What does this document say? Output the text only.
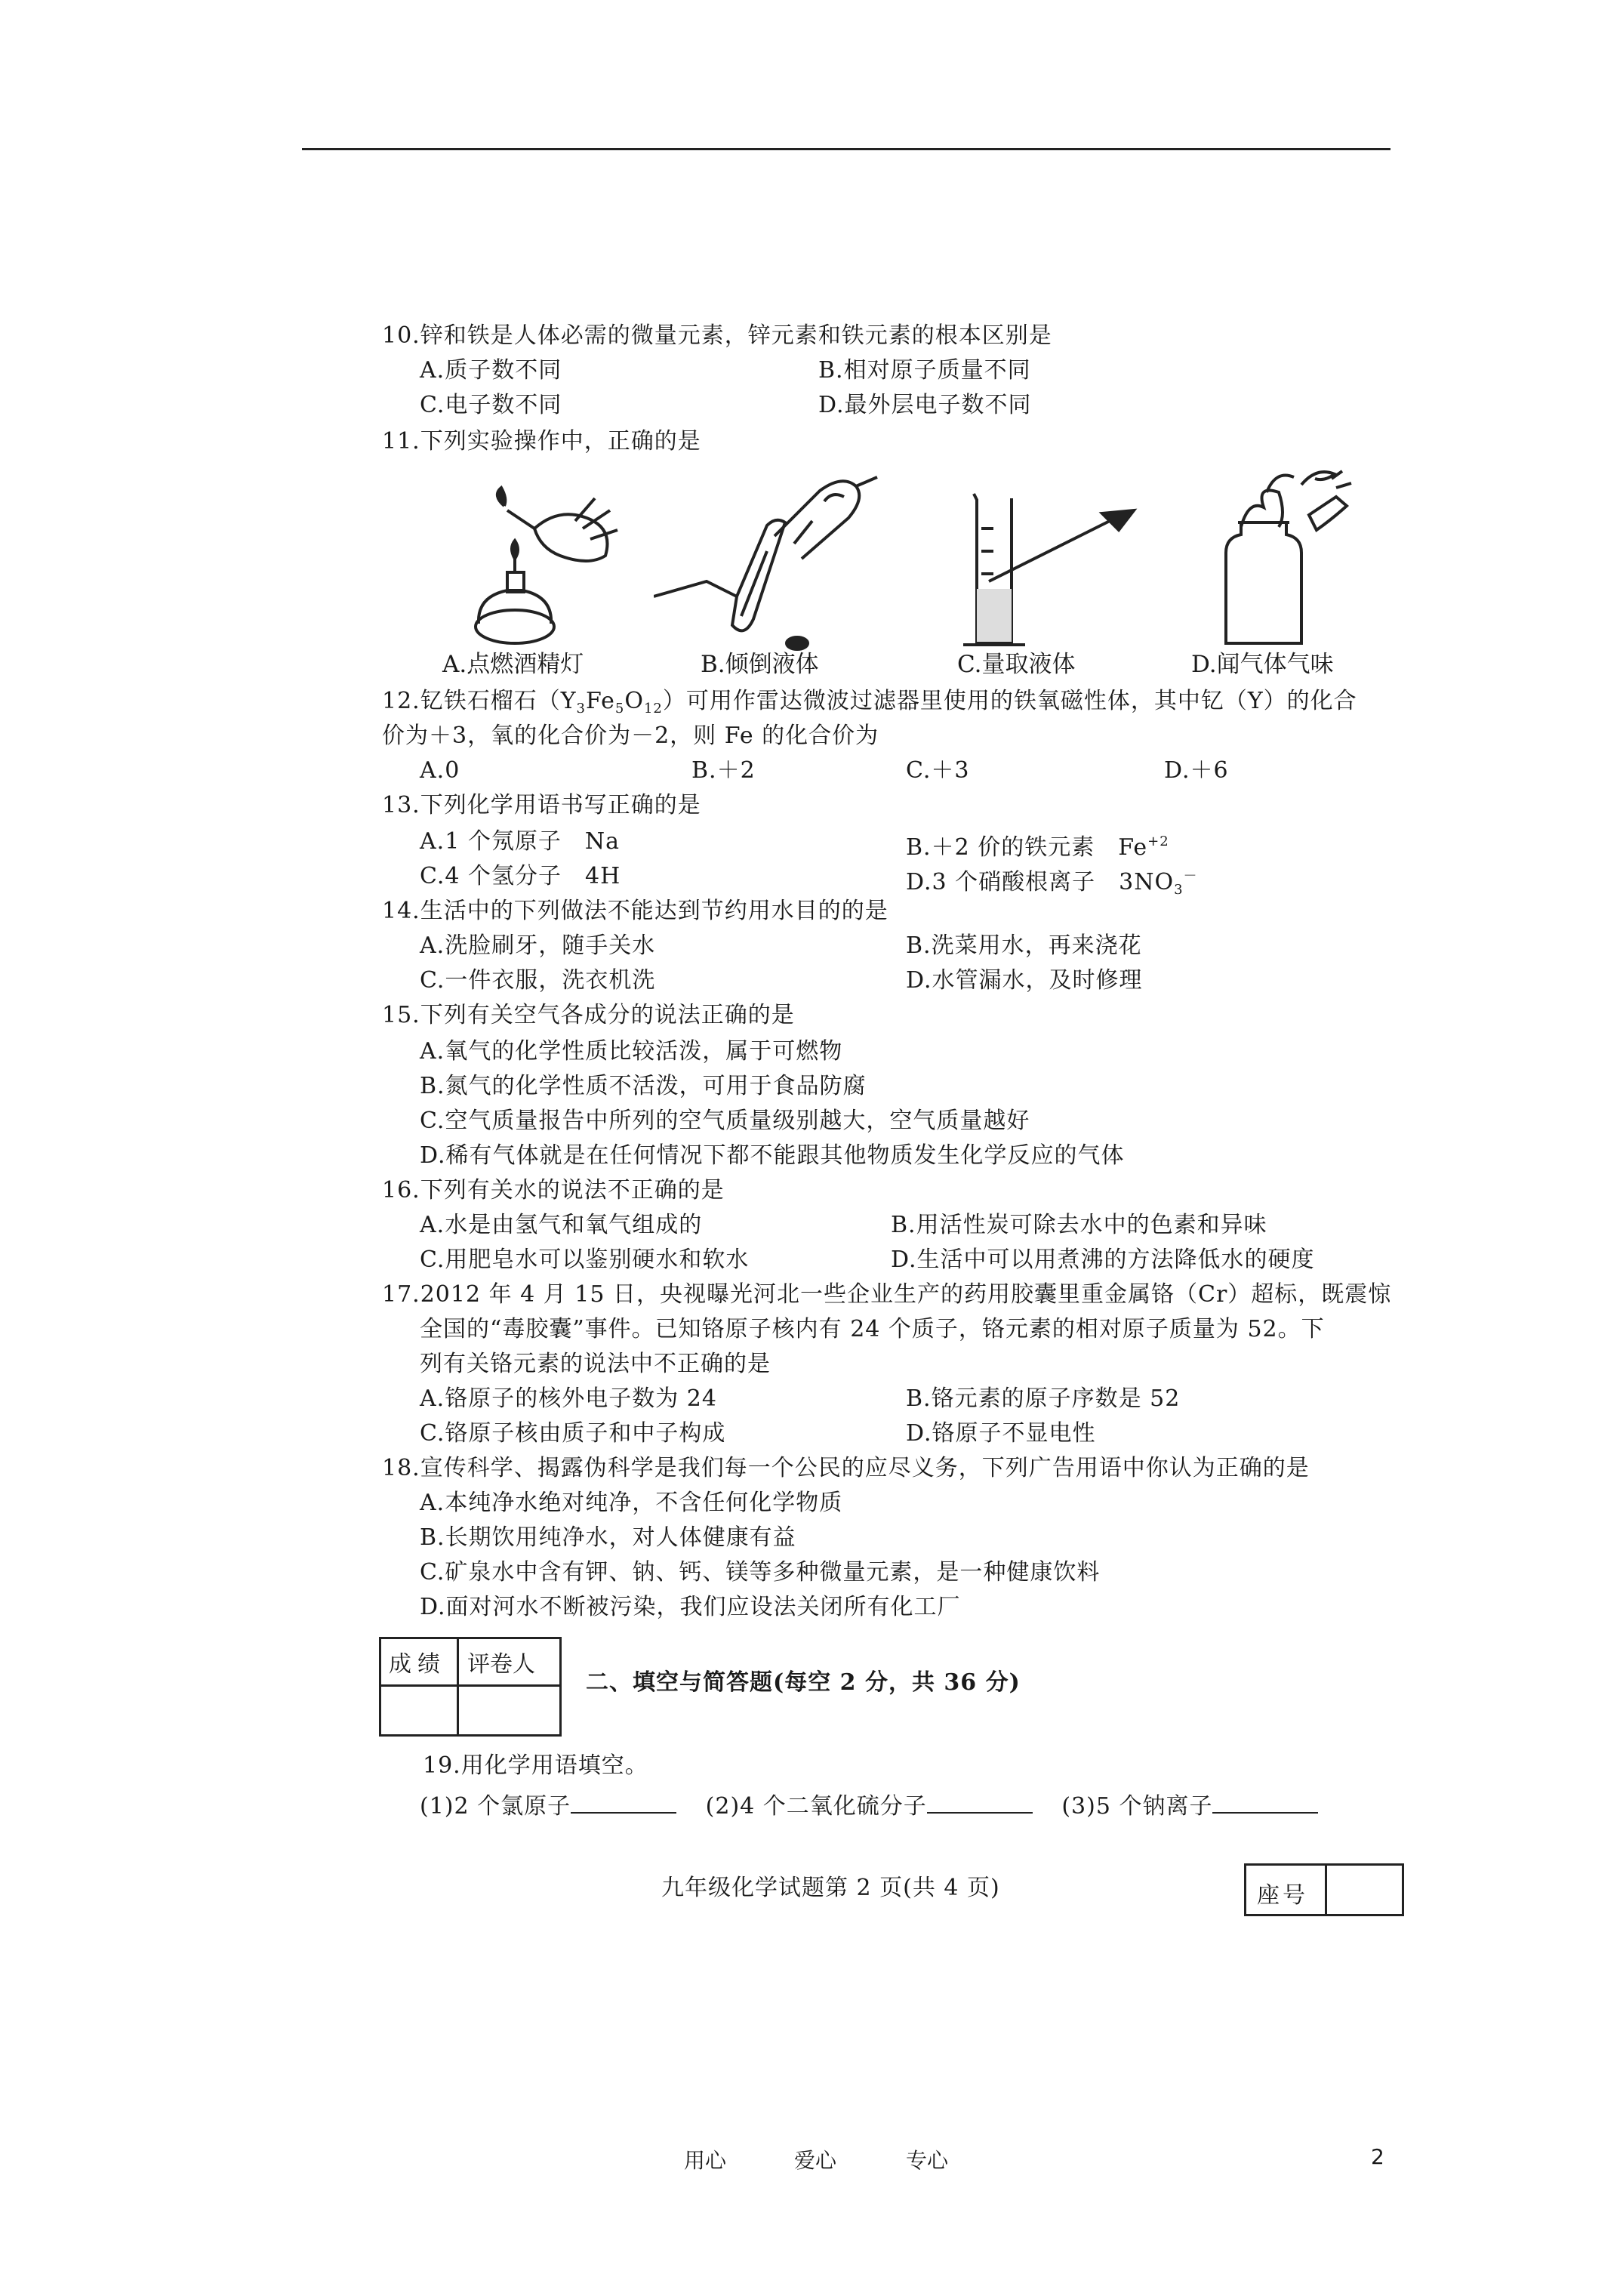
10.锌和铁是人体必需的微量元素，锌元素和铁元素的根本区别是
A.质子数不同	B.相对原子质量不同
C.电子数不同	D.最外层电子数不同
11.下列实验操作中，正确的是
A.点燃酒精灯	B.倾倒液体	C.量取液体	D.闻气体气味
12.钇铁石榴石$(Y_3Fe_5O_{12})$可用作雷达微波过滤器里使用的铁氧磁性体，其中钇（Y）的化合
价为＋3，氧的化合价为－2，则 Fe 的化合价为
A.0	B.＋2	C.＋3	D.＋6
13.下列化学用语书写正确的是
A.1 个氖原子　Na	B.＋2 价的铁元素　$Fe^{+2}$
C.4 个氢分子　4H	D.3 个硝酸根离子　$3NO_3^-$
14.生活中的下列做法不能达到节约用水目的的是
A.洗脸刷牙，随手关水	B.洗菜用水，再来浇花
C.一件衣服，洗衣机洗	D.水管漏水，及时修理
15.下列有关空气各成分的说法正确的是
A.氧气的化学性质比较活泼，属于可燃物
B.氮气的化学性质不活泼，可用于食品防腐
C.空气质量报告中所列的空气质量级别越大，空气质量越好
D.稀有气体就是在任何情况下都不能跟其他物质发生化学反应的气体
16.下列有关水的说法不正确的是
A.水是由氢气和氧气组成的	B.用活性炭可除去水中的色素和异味
C.用肥皂水可以鉴别硬水和软水	D.生活中可以用煮沸的方法降低水的硬度
17.2012 年 4 月 15 日，央视曝光河北一些企业生产的药用胶囊里重金属铬（Cr）超标，既震惊
全国的“毒胶囊”事件。已知铬原子核内有 24 个质子，铬元素的相对原子质量为 52。下
列有关铬元素的说法中不正确的是
A.铬原子的核外电子数为 24	B.铬元素的原子序数是 52
C.铬原子核由质子和中子构成	D.铬原子不显电性
18.宣传科学、揭露伪科学是我们每一个公民的应尽义务，下列广告用语中你认为正确的是
A.本纯净水绝对纯净，不含任何化学物质
B.长期饮用纯净水，对人体健康有益
C.矿泉水中含有钾、钠、钙、镁等多种微量元素，是一种健康饮料
D.面对河水不断被污染，我们应设法关闭所有化工厂
成绩 评卷人
二、填空与简答题(每空 2 分，共 36 分)
19.用化学用语填空。
(1)2 个氯原子	(2)4 个二氧化硫分子	(3)5 个钠离子
九年级化学试题第 2 页(共 4 页)	座号
用心	爱心	专心	2
